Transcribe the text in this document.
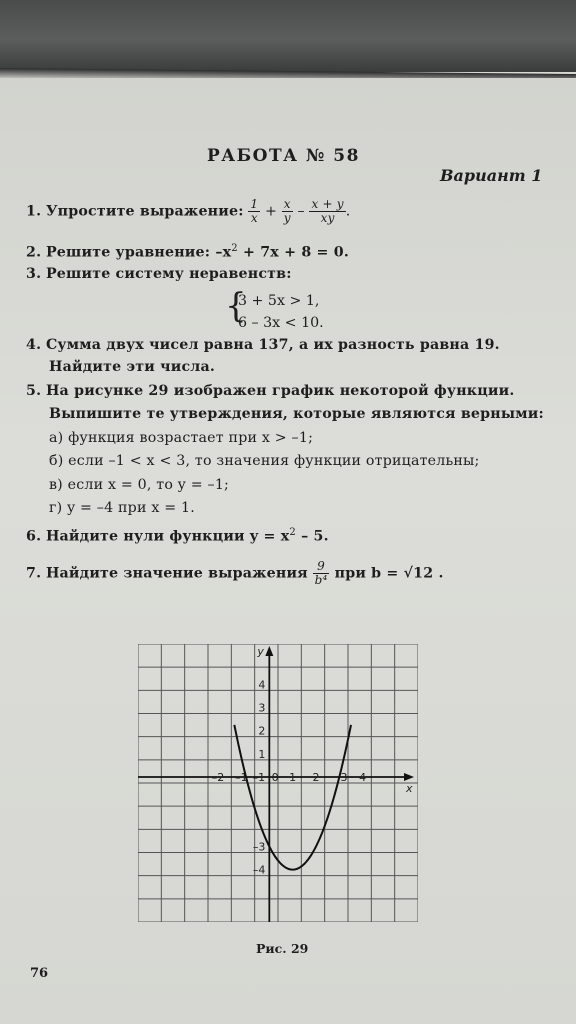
РАБОТА № 58
Вариант 1
1. Упростите выражение: $\frac{1}{x} + \frac{x}{y} - \frac{x + y}{xy}$ .
2. Решите уравнение: $-x^2 + 7x + 8 = 0$.
3. Решите систему неравенств:
{
3 + 5x > 1,
6 – 3x < 10.
4. Сумма двух чисел равна 137, а их разность равна 19.
Найдите эти числа.
5. На рисунке 29 изображен график некоторой функции.
Выпишите те утверждения, которые являются верными:
а) функция возрастает при x > –1;
б) если –1 < x < 3, то значения функции отрицательны;
в) если x = 0, то y = –1;
г) y = –4 при x = 1.
6. Найдите нули функции $y = x^2 - 5$.
7. Найдите значение выражения $\frac{9}{\text{b⁴}}$ при b = √12 .
y
x
4
3
2
1
–3
–4
–2 –1 –1 0 1 2 3 4
Рис. 29
76
